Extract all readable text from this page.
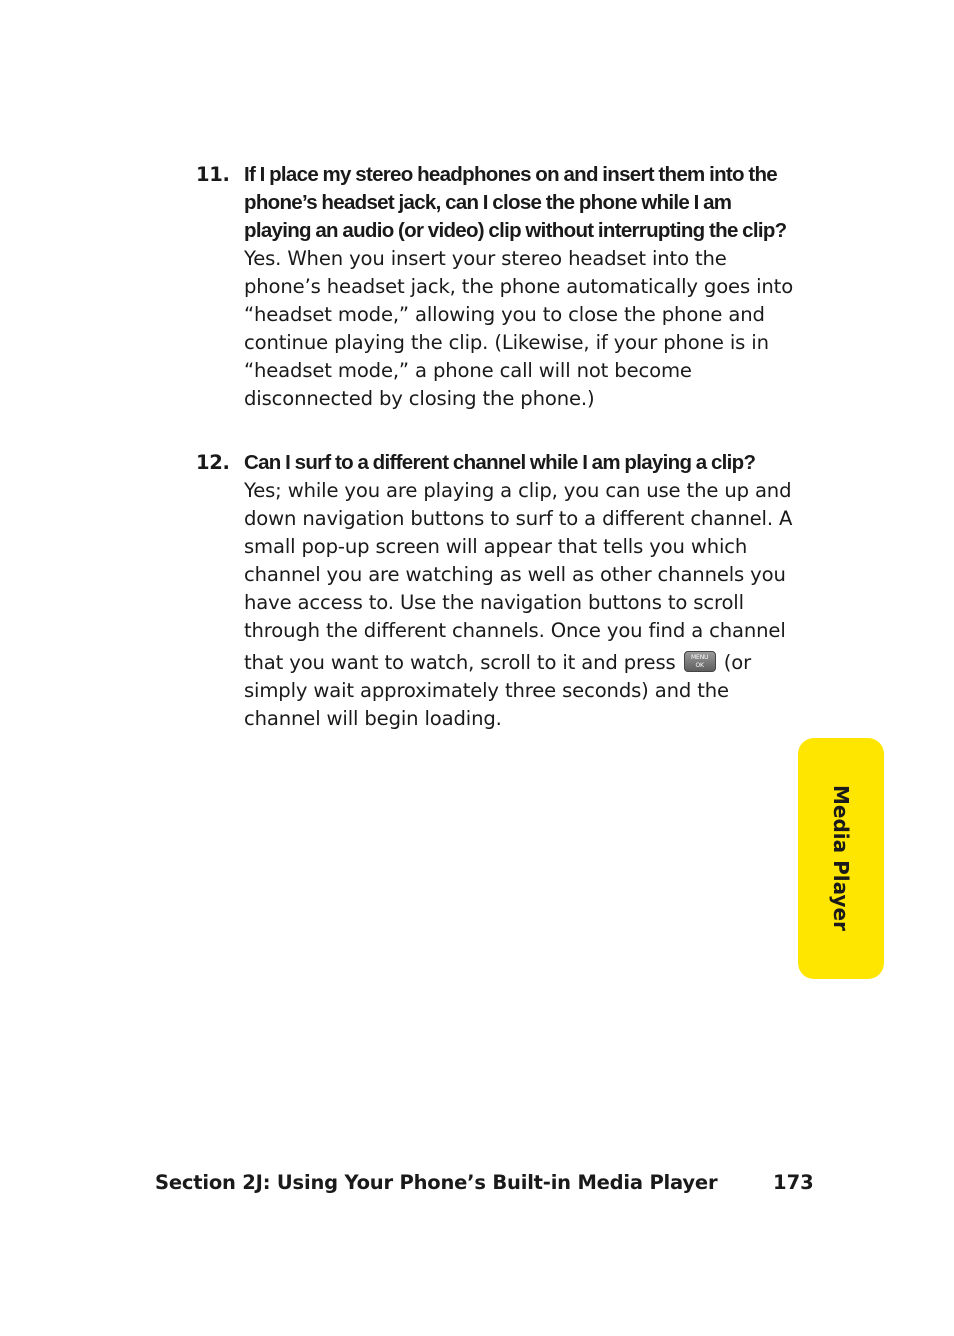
11. If I place my stereo headphones on and insert them into the phone’s headset jack, can I close the phone while I am playing an audio (or video) clip without interrupting the clip?
Yes. When you insert your stereo headset into the phone’s headset jack, the phone automatically goes into “headset mode,” allowing you to close the phone and continue playing the clip. (Likewise, if your phone is in “headset mode,” a phone call will not become disconnected by closing the phone.)
12. Can I surf to a different channel while I am playing a clip?

Yes; while you are playing a clip, you can use the up and down navigation buttons to surf to a different channel. A small pop-up screen will appear that tells you which channel you are watching as well as other channels you have access to. Use the navigation buttons to scroll through the different channels. Once you find a channel

that you want to watch, scroll to it and press	MENU
OK	(or simply wait approximately three seconds) and the channel will begin loading.

Media Player
Section 2J: Using Your Phone’s Built-in Media Player	173
